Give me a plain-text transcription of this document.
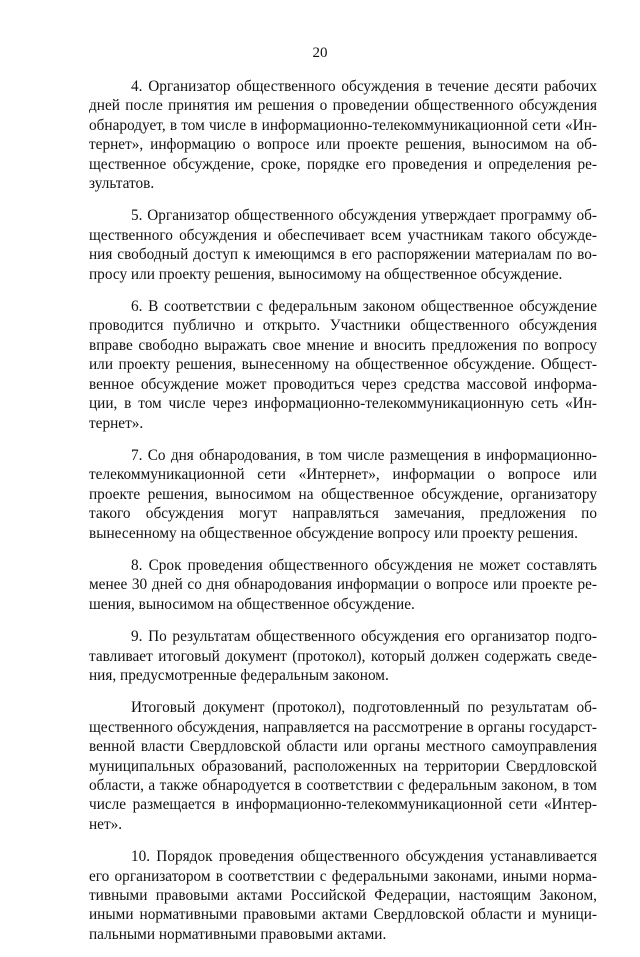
20

4. Организатор общественного обсуждения в течение десяти рабочих дней после принятия им решения о проведении общественного обсуждения обнародует, в том числе в информационно-телекоммуникационной сети «Интернет», информацию о вопросе или проекте решения, выносимом на общественное обсуждение, сроке, порядке его проведения и определения результатов.

5. Организатор общественного обсуждения утверждает программу общественного обсуждения и обеспечивает всем участникам такого обсуждения свободный доступ к имеющимся в его распоряжении материалам по вопросу или проекту решения, выносимому на общественное обсуждение.

6. В соответствии с федеральным законом общественное обсуждение проводится публично и открыто. Участники общественного обсуждения вправе свободно выражать свое мнение и вносить предложения по вопросу или проекту решения, вынесенному на общественное обсуждение. Общественное обсуждение может проводиться через средства массовой информации, в том числе через информационно-телекоммуникационную сеть «Интернет».

7. Со дня обнародования, в том числе размещения в информационно-телекоммуникационной сети «Интернет», информации о вопросе или проекте решения, выносимом на общественное обсуждение, организатору такого обсуждения могут направляться замечания, предложения по вынесенному на общественное обсуждение вопросу или проекту решения.

8. Срок проведения общественного обсуждения не может составлять менее 30 дней со дня обнародования информации о вопросе или проекте решения, выносимом на общественное обсуждение.

9. По результатам общественного обсуждения его организатор подготавливает итоговый документ (протокол), который должен содержать сведения, предусмотренные федеральным законом.

Итоговый документ (протокол), подготовленный по результатам общественного обсуждения, направляется на рассмотрение в органы государственной власти Свердловской области или органы местного самоуправления муниципальных образований, расположенных на территории Свердловской области, а также обнародуется в соответствии с федеральным законом, в том числе размещается в информационно-телекоммуникационной сети «Интернет».

10. Порядок проведения общественного обсуждения устанавливается его организатором в соответствии с федеральными законами, иными нормативными правовыми актами Российской Федерации, настоящим Законом, иными нормативными правовыми актами Свердловской области и муниципальными нормативными правовыми актами.
